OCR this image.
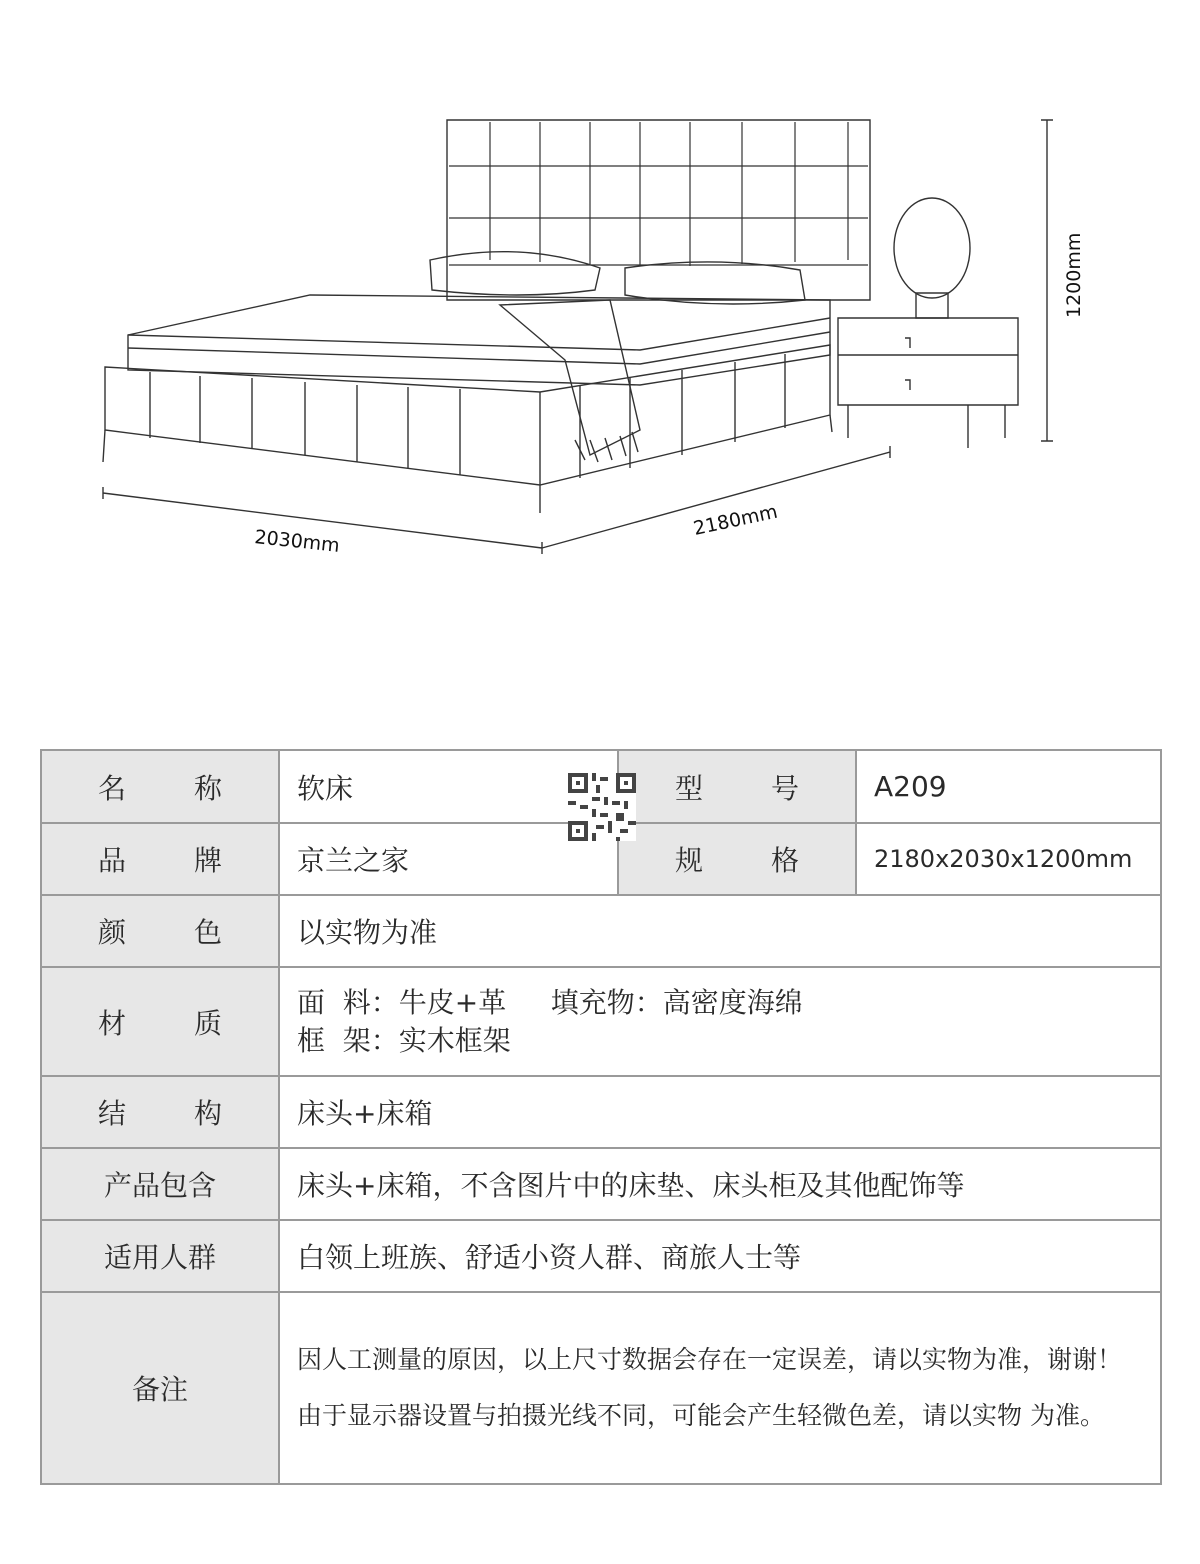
1200mm
2030mm
2180mm
名称	软床	型号	A209
品牌	京兰之家	规格	2180x2030x1200mm
颜色	以实物为准		
材质	面  料：牛皮+革     填充物：高密度海绵
框  架：实木框架		

结构	床头+床箱		
产品包含	床头+床箱，不含图片中的床垫、床头柜及其他配饰等		
适用人群	白领上班族、舒适小资人群、商旅人士等		
备注	因人工测量的原因，以上尺寸数据会存在一定误差，请以实物为准，谢谢！
由于显示器设置与拍摄光线不同，可能会产生轻微色差，请以实物 为准。		
